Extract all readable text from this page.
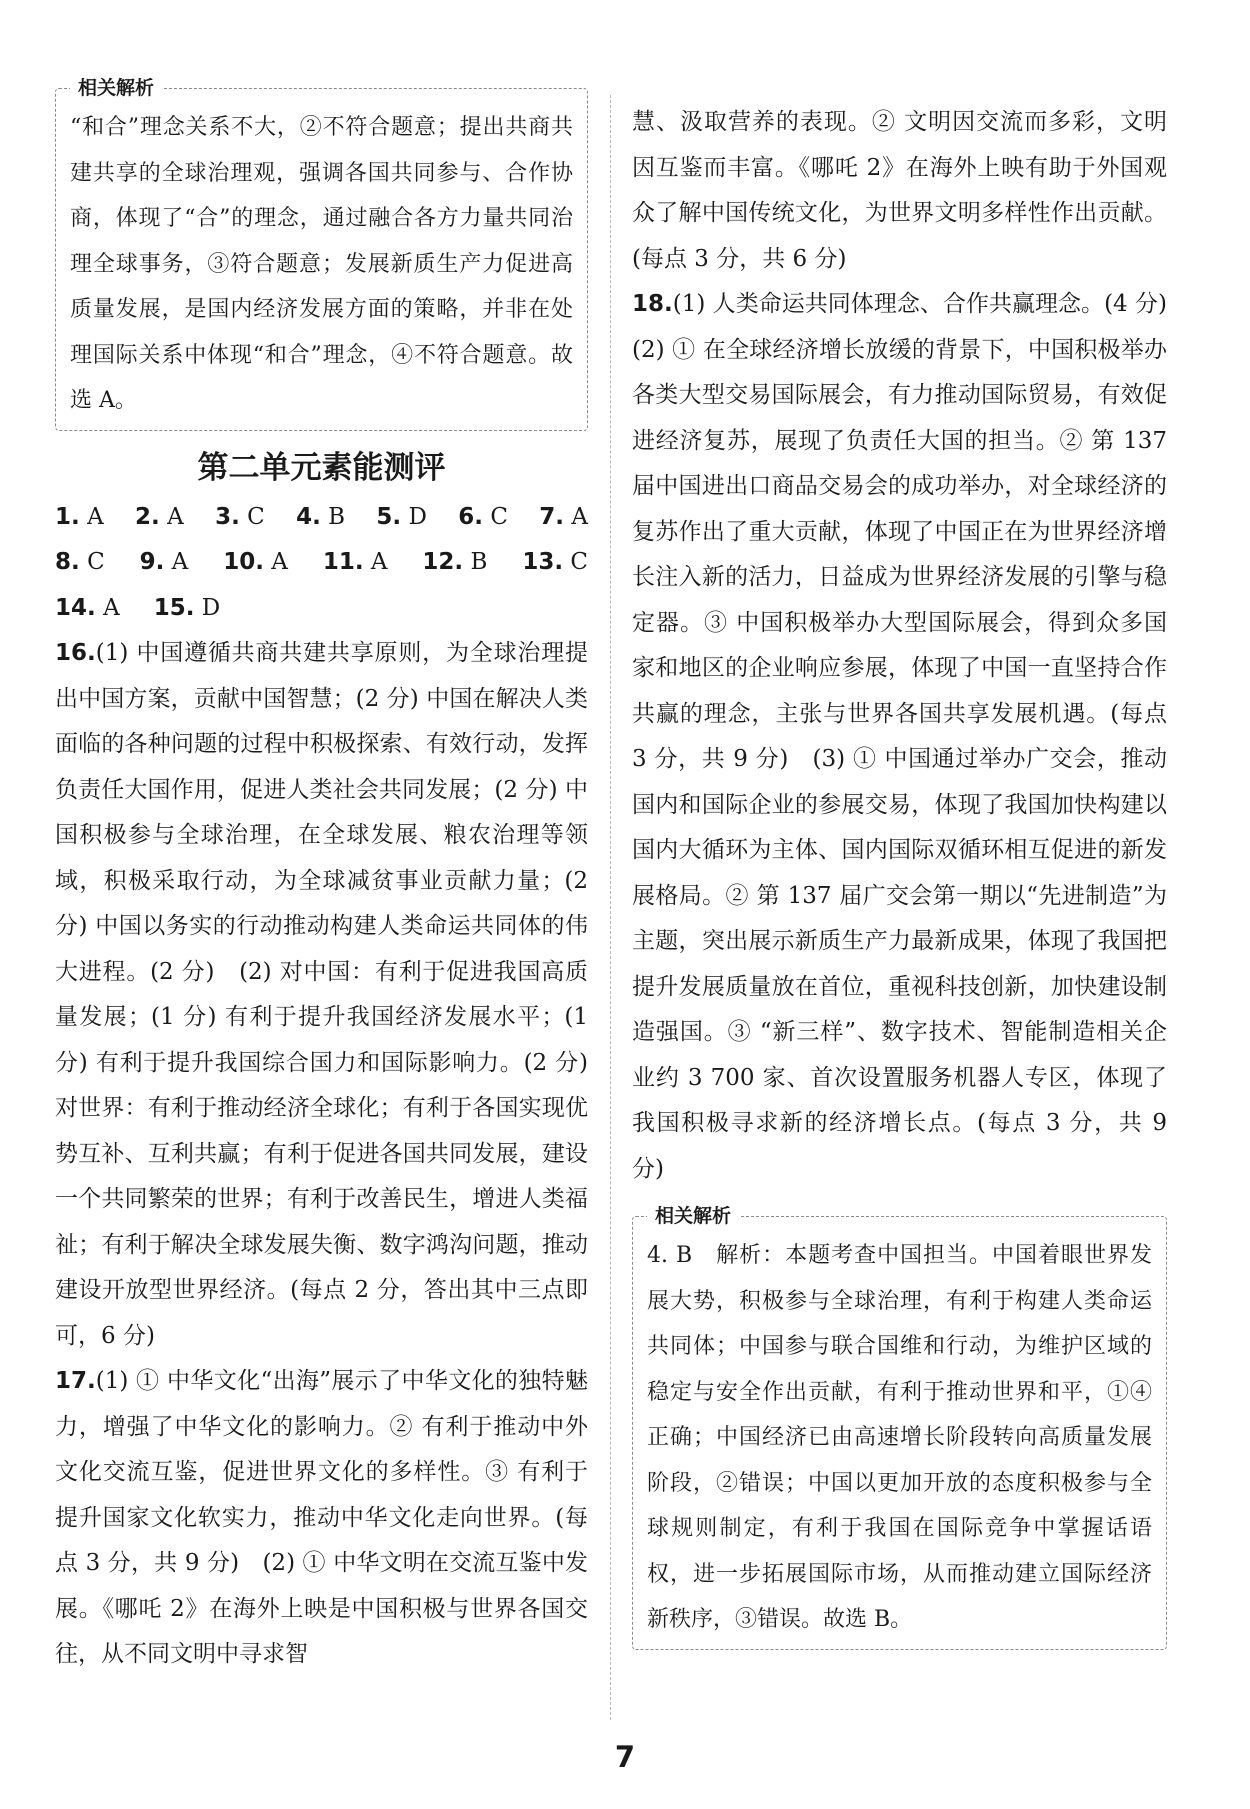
相关解析

“和合”理念关系不大，②不符合题意；提出共商共建共享的全球治理观，强调各国共同参与、合作协商，体现了“合”的理念，通过融合各方力量共同治理全球事务，③符合题意；发展新质生产力促进高质量发展，是国内经济发展方面的策略，并非在处理国际关系中体现“和合”理念，④不符合题意。故选 A。

第二单元素能测评
1. A 2. A 3. C 4. B 5. D 6. C 7. A
8. C 9. A 10. A 11. A 12. B 13. C
14. A 15. D

16.(1) 中国遵循共商共建共享原则，为全球治理提出中国方案，贡献中国智慧；(2 分) 中国在解决人类面临的各种问题的过程中积极探索、有效行动，发挥负责任大国作用，促进人类社会共同发展；(2 分) 中国积极参与全球治理，在全球发展、粮农治理等领域，积极采取行动，为全球减贫事业贡献力量；(2 分) 中国以务实的行动推动构建人类命运共同体的伟大进程。(2 分)　(2) 对中国：有利于促进我国高质量发展；(1 分) 有利于提升我国经济发展水平；(1 分) 有利于提升我国综合国力和国际影响力。(2 分)　对世界：有利于推动经济全球化；有利于各国实现优势互补、互利共赢；有利于促进各国共同发展，建设一个共同繁荣的世界；有利于改善民生，增进人类福祉；有利于解决全球发展失衡、数字鸿沟问题，推动建设开放型世界经济。(每点 2 分，答出其中三点即可，6 分)

17.(1) ① 中华文化“出海”展示了中华文化的独特魅力，增强了中华文化的影响力。② 有利于推动中外文化交流互鉴，促进世界文化的多样性。③ 有利于提升国家文化软实力，推动中华文化走向世界。(每点 3 分，共 9 分)　(2) ① 中华文明在交流互鉴中发展。《哪吒 2》在海外上映是中国积极与世界各国交往，从不同文明中寻求智

慧、汲取营养的表现。② 文明因交流而多彩，文明因互鉴而丰富。《哪吒 2》在海外上映有助于外国观众了解中国传统文化，为世界文明多样性作出贡献。(每点 3 分，共 6 分)

18.(1) 人类命运共同体理念、合作共赢理念。(4 分)　(2) ① 在全球经济增长放缓的背景下，中国积极举办各类大型交易国际展会，有力推动国际贸易，有效促进经济复苏，展现了负责任大国的担当。② 第 137 届中国进出口商品交易会的成功举办，对全球经济的复苏作出了重大贡献，体现了中国正在为世界经济增长注入新的活力，日益成为世界经济发展的引擎与稳定器。③ 中国积极举办大型国际展会，得到众多国家和地区的企业响应参展，体现了中国一直坚持合作共赢的理念，主张与世界各国共享发展机遇。(每点 3 分，共 9 分)　(3) ① 中国通过举办广交会，推动国内和国际企业的参展交易，体现了我国加快构建以国内大循环为主体、国内国际双循环相互促进的新发展格局。② 第 137 届广交会第一期以“先进制造”为主题，突出展示新质生产力最新成果，体现了我国把提升发展质量放在首位，重视科技创新，加快建设制造强国。③ “新三样”、数字技术、智能制造相关企业约 3 700 家、首次设置服务机器人专区，体现了我国积极寻求新的经济增长点。(每点 3 分，共 9 分)

相关解析

4. B　解析：本题考查中国担当。中国着眼世界发展大势，积极参与全球治理，有利于构建人类命运共同体；中国参与联合国维和行动，为维护区域的稳定与安全作出贡献，有利于推动世界和平，①④正确；中国经济已由高速增长阶段转向高质量发展阶段，②错误；中国以更加开放的态度积极参与全球规则制定，有利于我国在国际竞争中掌握话语权，进一步拓展国际市场，从而推动建立国际经济新秩序，③错误。故选 B。

7
